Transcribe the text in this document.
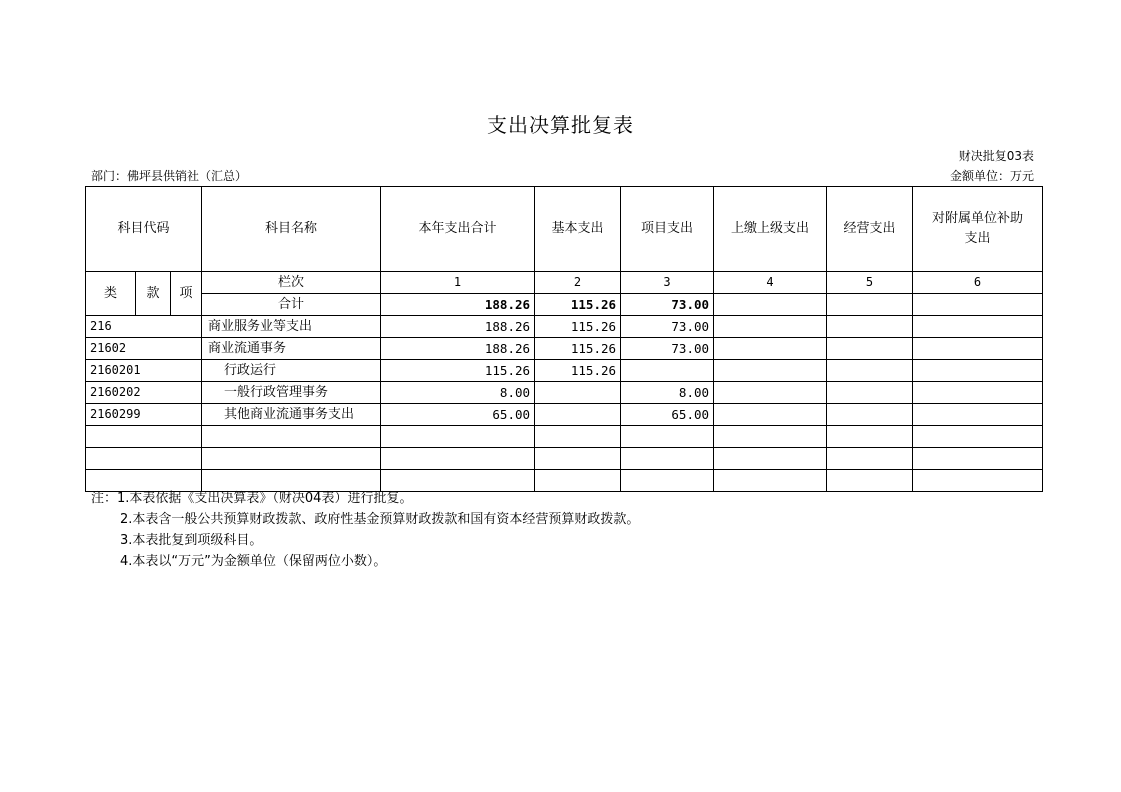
支出决算批复表
财决批复03表
部门：佛坪县供销社（汇总）	金额单位：万元
科目代码			科目名称	本年支出合计	基本支出	项目支出	上缴上级支出	经营支出	对附属单位补助支出
类	款	项	栏次	1	2	3	4	5	6
			合计	188.26	115.26	73.00			
216			商业服务业等支出	188.26	115.26	73.00			
21602			商业流通事务	188.26	115.26	73.00			
2160201			行政运行	115.26	115.26				
2160202			一般行政管理事务	8.00		8.00			
2160299			其他商业流通事务支出	65.00		65.00			

注：1.本表依据《支出决算表》（财决04表）进行批复。
2.本表含一般公共预算财政拨款、政府性基金预算财政拨款和国有资本经营预算财政拨款。
3.本表批复到项级科目。
4.本表以“万元”为金额单位（保留两位小数）。
